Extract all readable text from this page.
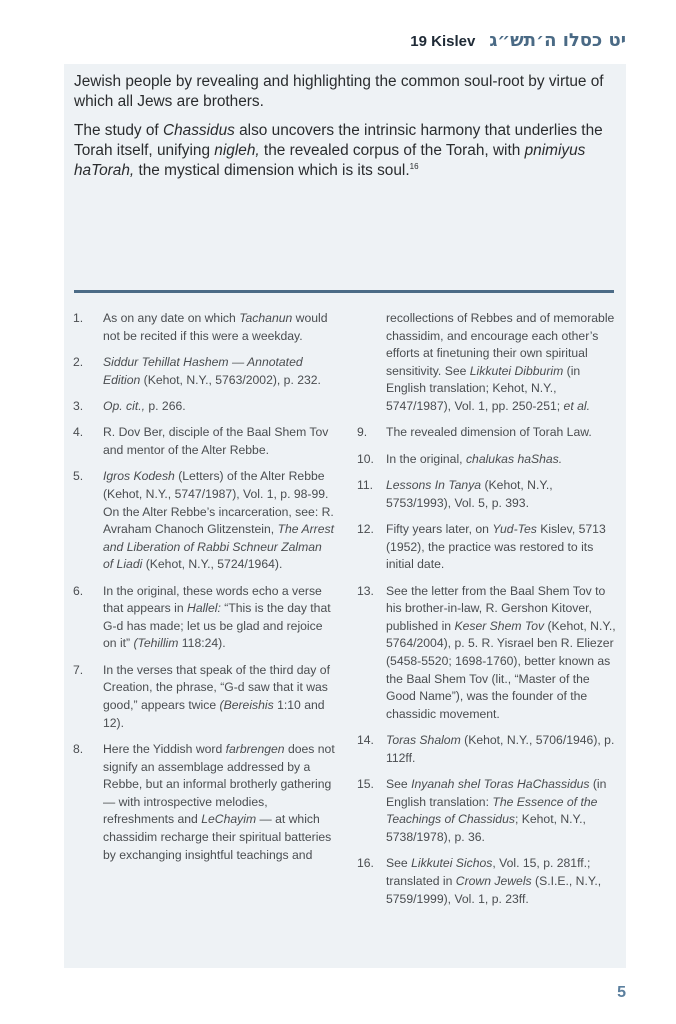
19 Kislev יט כסלו ה׳תש״ג

Jewish people by revealing and highlighting the common soul-root by virtue of which all Jews are brothers.

The study of Chassidus also uncovers the intrinsic harmony that underlies the Torah itself, unifying nigleh, the revealed corpus of the Torah, with pnimiyus haTorah, the mystical dimension which is its soul.$^{16}$

1.	As on any date on which Tachanun would not be recited if this were a weekday.
2.	Siddur Tehillat Hashem — Annotated Edition (Kehot, N.Y., 5763/2002), p. 232.
3.	Op. cit., p. 266.
4.	R. Dov Ber, disciple of the Baal Shem Tov and mentor of the Alter Rebbe.
5.	Igros Kodesh (Letters) of the Alter Rebbe (Kehot, N.Y., 5747/1987), Vol. 1, p. 98-99. On the Alter Rebbe’s incarceration, see: R. Avraham Chanoch Glitzenstein, The Arrest and Liberation of Rabbi Schneur Zalman of Liadi (Kehot, N.Y., 5724/1964).
6.	In the original, these words echo a verse that appears in Hallel: “This is the day that G-d has made; let us be glad and rejoice on it” (Tehillim 118:24).
7.	In the verses that speak of the third day of Creation, the phrase, “G-d saw that it was good,” appears twice (Bereishis 1:10 and 12).
8.	Here the Yiddish word farbrengen does not signify an assemblage addressed by a Rebbe, but an informal brotherly gathering — with introspective melodies, refreshments and LeChayim — at which chassidim recharge their spiritual batteries by exchanging insightful teachings and
recollections of Rebbes and of memorable chassidim, and encourage each other’s efforts at finetuning their own spiritual sensitivity. See Likkutei Dibburim (in English translation; Kehot, N.Y., 5747/1987), Vol. 1, pp. 250-251; et al.
9.	The revealed dimension of Torah Law.
10. In the original, chalukas haShas.
11.	Lessons In Tanya (Kehot, N.Y., 5753/1993), Vol. 5, p. 393.
12. Fifty years later, on Yud-Tes Kislev, 5713 (1952), the practice was restored to its initial date.
13. See the letter from the Baal Shem Tov to his brother-in-law, R. Gershon Kitover, published in Keser Shem Tov (Kehot, N.Y., 5764/2004), p. 5. R. Yisrael ben R. Eliezer (5458-5520; 1698-1760), better known as the Baal Shem Tov (lit., “Master of the Good Name”), was the founder of the chassidic movement.
14. Toras Shalom (Kehot, N.Y., 5706/1946), p. 112ff.
15. See Inyanah shel Toras HaChassidus (in English translation: The Essence of the Teachings of Chassidus; Kehot, N.Y., 5738/1978), p. 36.
16. See Likkutei Sichos, Vol. 15, p. 281ff.; translated in Crown Jewels (S.I.E., N.Y., 5759/1999), Vol. 1, p. 23ff.
5
